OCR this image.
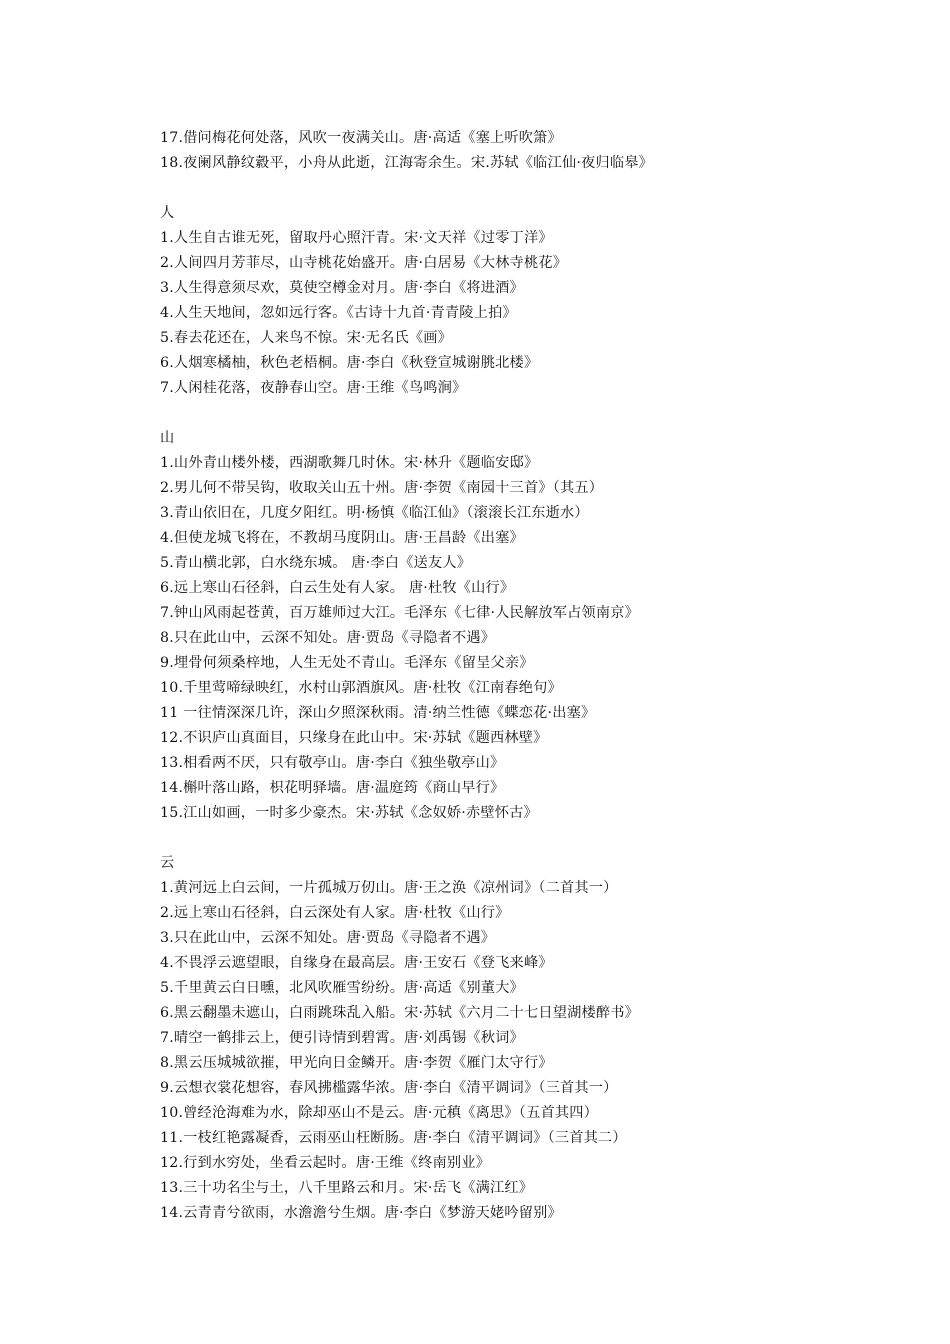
17.借问梅花何处落，风吹一夜满关山。唐·高适《塞上听吹箫》
18.夜阑风静纹縠平，小舟从此逝，江海寄余生。宋.苏轼《临江仙·夜归临皋》
人
1.人生自古谁无死，留取丹心照汗青。宋·文天祥《过零丁洋》
2.人间四月芳菲尽，山寺桃花始盛开。唐·白居易《大林寺桃花》
3.人生得意须尽欢，莫使空樽金对月。唐·李白《将进酒》
4.人生天地间，忽如远行客。《古诗十九首·青青陵上拍》
5.春去花还在，人来鸟不惊。宋·无名氏《画》
6.人烟寒橘柚，秋色老梧桐。唐·李白《秋登宣城谢朓北楼》
7.人闲桂花落，夜静春山空。唐·王维《鸟鸣涧》
山
1.山外青山楼外楼，西湖歌舞几时休。宋·林升《题临安邸》
2.男儿何不带吴钩，收取关山五十州。唐·李贺《南园十三首》（其五）
3.青山依旧在，几度夕阳红。明·杨慎《临江仙》（滚滚长江东逝水）
4.但使龙城飞将在，不教胡马度阴山。唐·王昌龄《出塞》
5.青山横北郭，白水绕东城。 唐·李白《送友人》
6.远上寒山石径斜，白云生处有人家。 唐·杜牧《山行》
7.钟山风雨起苍黄，百万雄师过大江。毛泽东《七律·人民解放军占领南京》
8.只在此山中，云深不知处。唐·贾岛《寻隐者不遇》
9.埋骨何须桑梓地，人生无处不青山。毛泽东《留呈父亲》
10.千里莺啼绿映红，水村山郭酒旗风。唐·杜牧《江南春绝句》
11 一往情深深几许，深山夕照深秋雨。清·纳兰性德《蝶恋花·出塞》
12.不识庐山真面目，只缘身在此山中。宋·苏轼《题西林壁》
13.相看两不厌，只有敬亭山。唐·李白《独坐敬亭山》
14.槲叶落山路，枳花明驿墙。唐·温庭筠《商山早行》
15.江山如画，一时多少豪杰。宋·苏轼《念奴娇·赤壁怀古》
云
1.黄河远上白云间，一片孤城万仞山。唐·王之涣《凉州词》（二首其一）
2.远上寒山石径斜，白云深处有人家。唐·杜牧《山行》
3.只在此山中，云深不知处。唐·贾岛《寻隐者不遇》
4.不畏浮云遮望眼，自缘身在最高层。唐·王安石《登飞来峰》
5.千里黄云白日曛，北风吹雁雪纷纷。唐·高适《别董大》
6.黑云翻墨未遮山，白雨跳珠乱入船。宋·苏轼《六月二十七日望湖楼醉书》
7.晴空一鹤排云上，便引诗情到碧霄。唐·刘禹锡《秋词》
8.黑云压城城欲摧，甲光向日金鳞开。唐·李贺《雁门太守行》
9.云想衣裳花想容，春风拂槛露华浓。唐·李白《清平调词》（三首其一）
10.曾经沧海难为水，除却巫山不是云。唐·元稹《离思》（五首其四）
11.一枝红艳露凝香，云雨巫山枉断肠。唐·李白《清平调词》（三首其二）
12.行到水穷处，坐看云起时。唐·王维《终南别业》
13.三十功名尘与土，八千里路云和月。宋·岳飞《满江红》
14.云青青兮欲雨，水澹澹兮生烟。唐·李白《梦游天姥吟留别》
